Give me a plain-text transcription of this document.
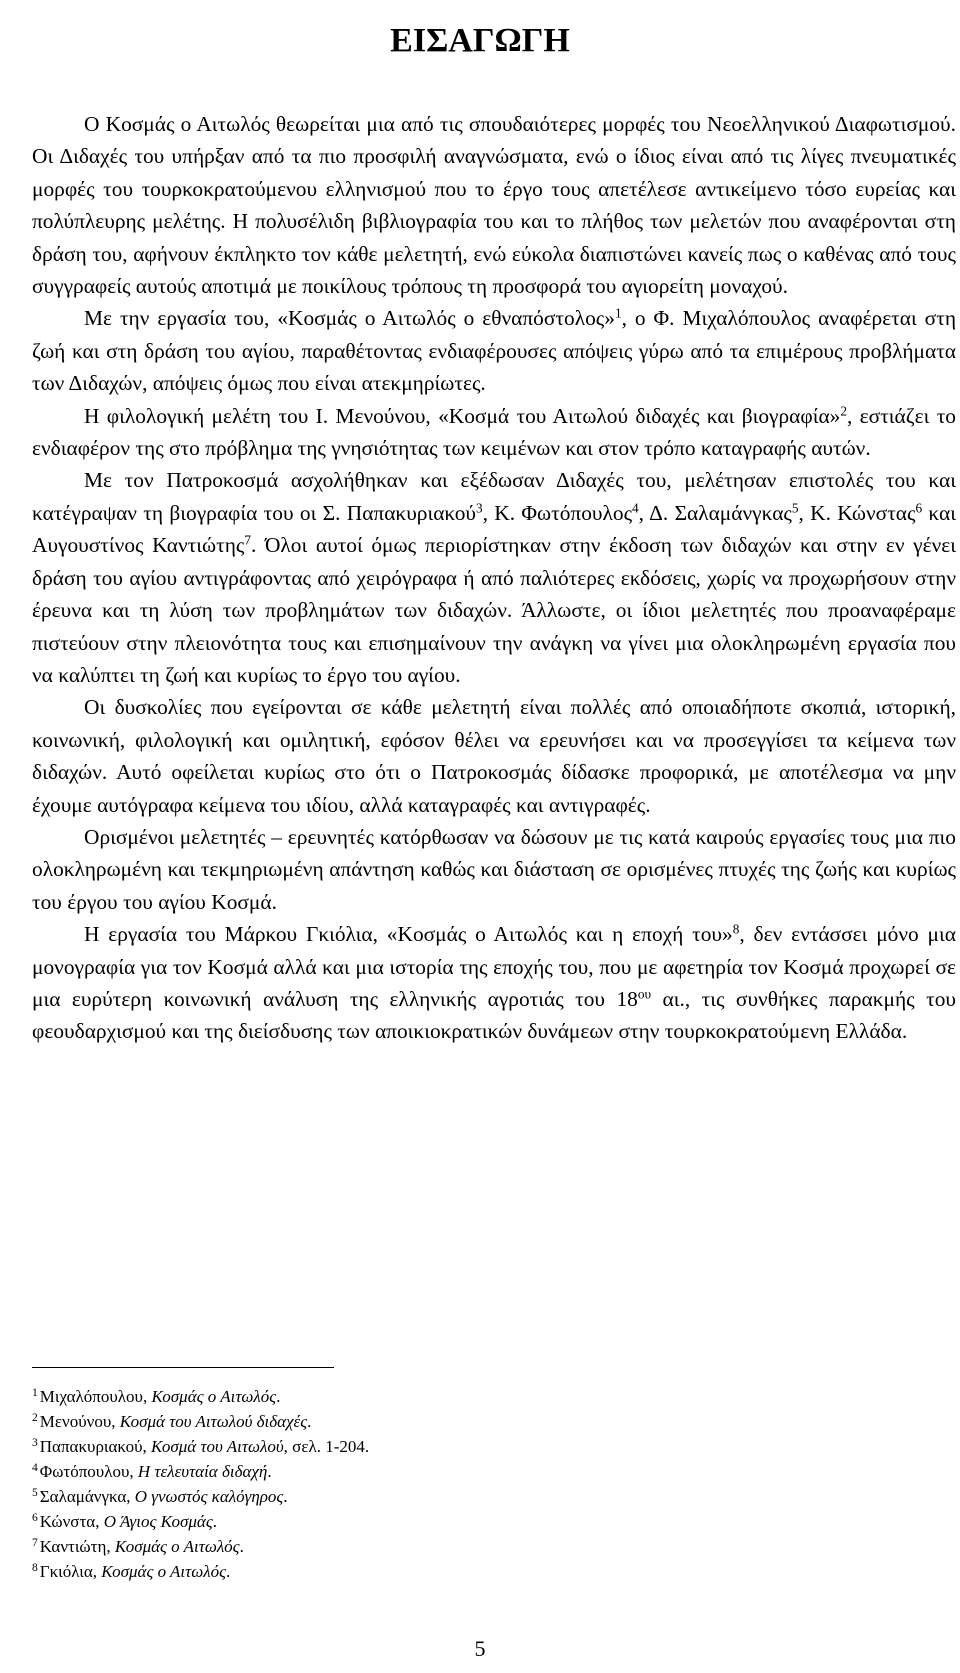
ΕΙΣΑΓΩΓΗ

Ο Κοσμάς ο Αιτωλός θεωρείται μια από τις σπουδαιότερες μορφές του Νεοελληνικού Διαφωτισμού. Οι Διδαχές του υπήρξαν από τα πιο προσφιλή αναγνώσματα, ενώ ο ίδιος είναι από τις λίγες πνευματικές μορφές του τουρκοκρατούμενου ελληνισμού που το έργο τους απετέλεσε αντικείμενο τόσο ευρείας και πολύπλευρης μελέτης. Η πολυσέλιδη βιβλιογραφία του και το πλήθος των μελετών που αναφέρονται στη δράση του, αφήνουν έκπληκτο τον κάθε μελετητή, ενώ εύκολα διαπιστώνει κανείς πως ο καθένας από τους συγγραφείς αυτούς αποτιμά με ποικίλους τρόπους τη προσφορά του αγιορείτη μοναχού.

Με την εργασία του, «Κοσμάς ο Αιτωλός ο εθναπόστολος»$^1$, ο Φ. Μιχαλόπουλος αναφέρεται στη ζωή και στη δράση του αγίου, παραθέτοντας ενδιαφέρουσες απόψεις γύρω από τα επιμέρους προβλήματα των Διδαχών, απόψεις όμως που είναι ατεκμηρίωτες.

Η φιλολογική μελέτη του Ι. Μενούνου, «Κοσμά του Αιτωλού διδαχές και βιογραφία»$^2$, εστιάζει το ενδιαφέρον της στο πρόβλημα της γνησιότητας των κειμένων και στον τρόπο καταγραφής αυτών.

Με τον Πατροκοσμά ασχολήθηκαν και εξέδωσαν Διδαχές του, μελέτησαν επιστολές του και κατέγραψαν τη βιογραφία του οι Σ. Παπακυριακού$^3$, Κ. Φωτόπουλος$^4$, Δ. Σαλαμάνγκας$^5$, Κ. Κώνστας$^6$ και Αυγουστίνος Καντιώτης$^7$. Όλοι αυτοί όμως περιορίστηκαν στην έκδοση των διδαχών και στην εν γένει δράση του αγίου αντιγράφοντας από χειρόγραφα ή από παλιότερες εκδόσεις, χωρίς να προχωρήσουν στην έρευνα και τη λύση των προβλημάτων των διδαχών. Άλλωστε, οι ίδιοι μελετητές που προαναφέραμε πιστεύουν στην πλειονότητα τους και επισημαίνουν την ανάγκη να γίνει μια ολοκληρωμένη εργασία που να καλύπτει τη ζωή και κυρίως το έργο του αγίου.

Οι δυσκολίες που εγείρονται σε κάθε μελετητή είναι πολλές από οποιαδήποτε σκοπιά, ιστορική, κοινωνική, φιλολογική και ομιλητική, εφόσον θέλει να ερευνήσει και να προσεγγίσει τα κείμενα των διδαχών. Αυτό οφείλεται κυρίως στο ότι ο Πατροκοσμάς δίδασκε προφορικά, με αποτέλεσμα να μην έχουμε αυτόγραφα κείμενα του ιδίου, αλλά καταγραφές και αντιγραφές.

Ορισμένοι μελετητές – ερευνητές κατόρθωσαν να δώσουν με τις κατά καιρούς εργασίες τους μια πιο ολοκληρωμένη και τεκμηριωμένη απάντηση καθώς και διάσταση σε ορισμένες πτυχές της ζωής και κυρίως του έργου του αγίου Κοσμά.

Η εργασία του Μάρκου Γκιόλια, «Κοσμάς ο Αιτωλός και η εποχή του»$^8$, δεν εντάσσει μόνο μια μονογραφία για τον Κοσμά αλλά και μια ιστορία της εποχής του, που με αφετηρία τον Κοσμά προχωρεί σε μια ευρύτερη κοινωνική ανάλυση της ελληνικής αγροτιάς του $18^{o\upsilon}$ αι., τις συνθήκες παρακμής του φεουδαρχισμού και της διείσδυσης των αποικιοκρατικών δυνάμεων στην τουρκοκρατούμενη Ελλάδα.

$^1$ Μιχαλόπουλου, Κοσμάς ο Αιτωλός.

$^2$ Μενούνου, Κοσμά του Αιτωλού διδαχές.

$^3$ Παπακυριακού, Κοσμά του Αιτωλού, σελ. 1-204.

$^4$ Φωτόπουλου, Η τελευταία διδαχή.

$^5$ Σαλαμάνγκα, Ο γνωστός καλόγηρος.

$^6$ Κώνστα, Ο Άγιος Κοσμάς.

$^7$ Καντιώτη, Κοσμάς ο Αιτωλός.

$^8$ Γκιόλια, Κοσμάς ο Αιτωλός.

5
